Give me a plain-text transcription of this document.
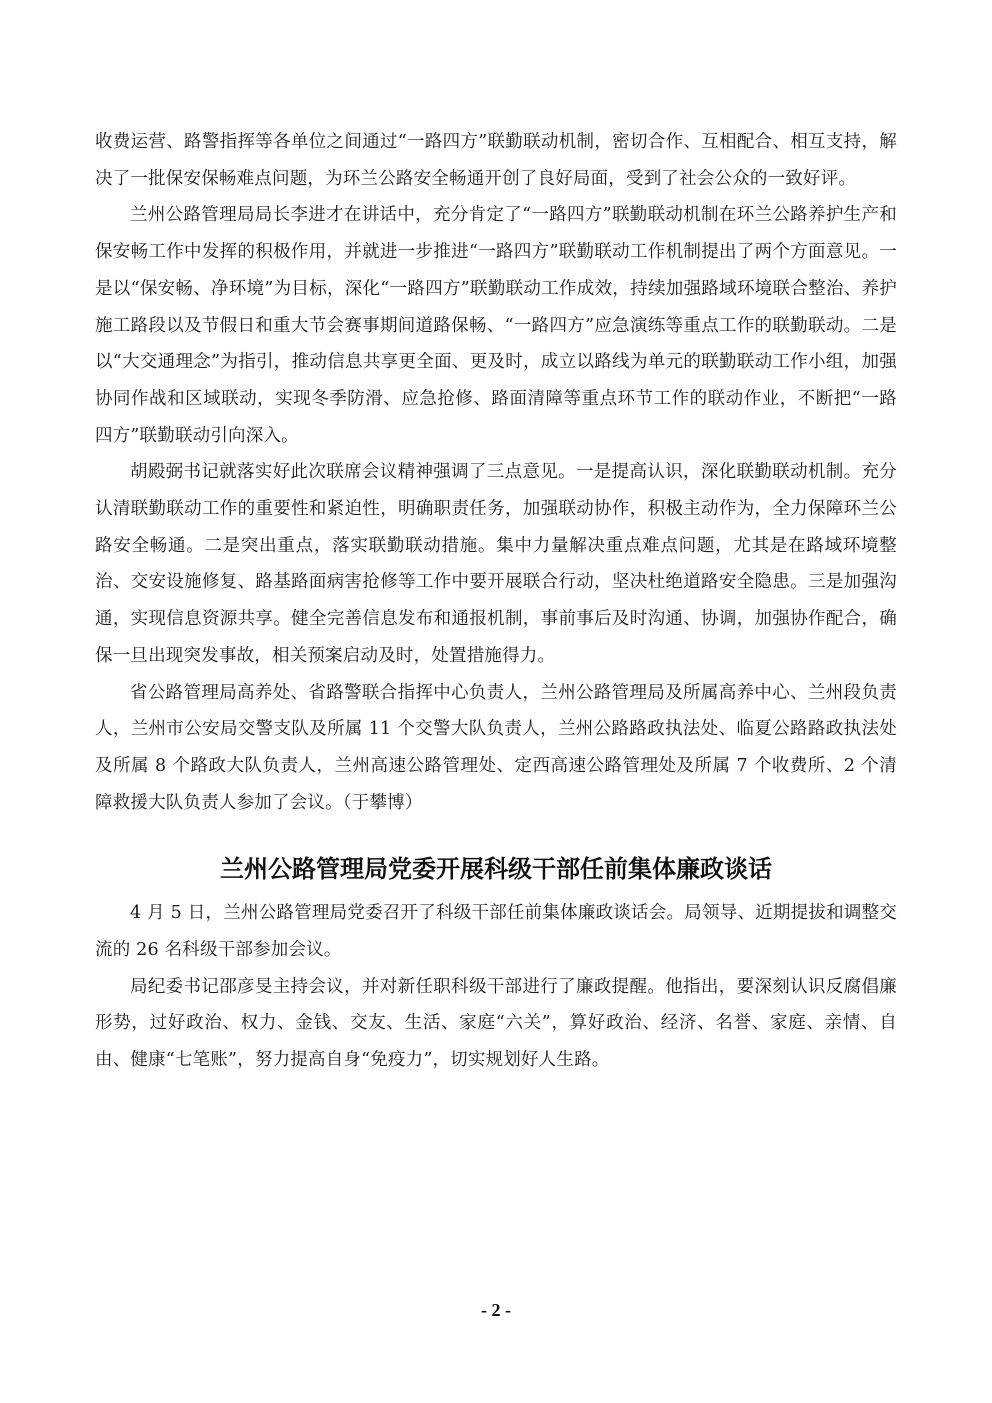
收费运营、路警指挥等各单位之间通过“一路四方”联勤联动机制，密切合作、互相配合、相互支持，解决了一批保安保畅难点问题，为环兰公路安全畅通开创了良好局面，受到了社会公众的一致好评。

兰州公路管理局局长李进才在讲话中，充分肯定了“一路四方”联勤联动机制在环兰公路养护生产和保安畅工作中发挥的积极作用，并就进一步推进“一路四方”联勤联动工作机制提出了两个方面意见。一是以“保安畅、净环境”为目标，深化“一路四方”联勤联动工作成效，持续加强路域环境联合整治、养护施工路段以及节假日和重大节会赛事期间道路保畅、“一路四方”应急演练等重点工作的联勤联动。二是以“大交通理念”为指引，推动信息共享更全面、更及时，成立以路线为单元的联勤联动工作小组，加强协同作战和区域联动，实现冬季防滑、应急抢修、路面清障等重点环节工作的联动作业，不断把“一路四方”联勤联动引向深入。

胡殿弼书记就落实好此次联席会议精神强调了三点意见。一是提高认识，深化联勤联动机制。充分认清联勤联动工作的重要性和紧迫性，明确职责任务，加强联动协作，积极主动作为，全力保障环兰公路安全畅通。二是突出重点，落实联勤联动措施。集中力量解决重点难点问题，尤其是在路域环境整治、交安设施修复、路基路面病害抢修等工作中要开展联合行动，坚决杜绝道路安全隐患。三是加强沟通，实现信息资源共享。健全完善信息发布和通报机制，事前事后及时沟通、协调，加强协作配合，确保一旦出现突发事故，相关预案启动及时，处置措施得力。

省公路管理局高养处、省路警联合指挥中心负责人，兰州公路管理局及所属高养中心、兰州段负责人，兰州市公安局交警支队及所属 11 个交警大队负责人，兰州公路路政执法处、临夏公路路政执法处及所属 8 个路政大队负责人，兰州高速公路管理处、定西高速公路管理处及所属 7 个收费所、2 个清障救援大队负责人参加了会议。（于攀博）

兰州公路管理局党委开展科级干部任前集体廉政谈话

4 月 5 日，兰州公路管理局党委召开了科级干部任前集体廉政谈话会。局领导、近期提拔和调整交流的 26 名科级干部参加会议。

局纪委书记邵彦旻主持会议，并对新任职科级干部进行了廉政提醒。他指出，要深刻认识反腐倡廉形势，过好政治、权力、金钱、交友、生活、家庭“六关”，算好政治、经济、名誉、家庭、亲情、自由、健康“七笔账”，努力提高自身“免疫力”，切实规划好人生路。

- 2 -
